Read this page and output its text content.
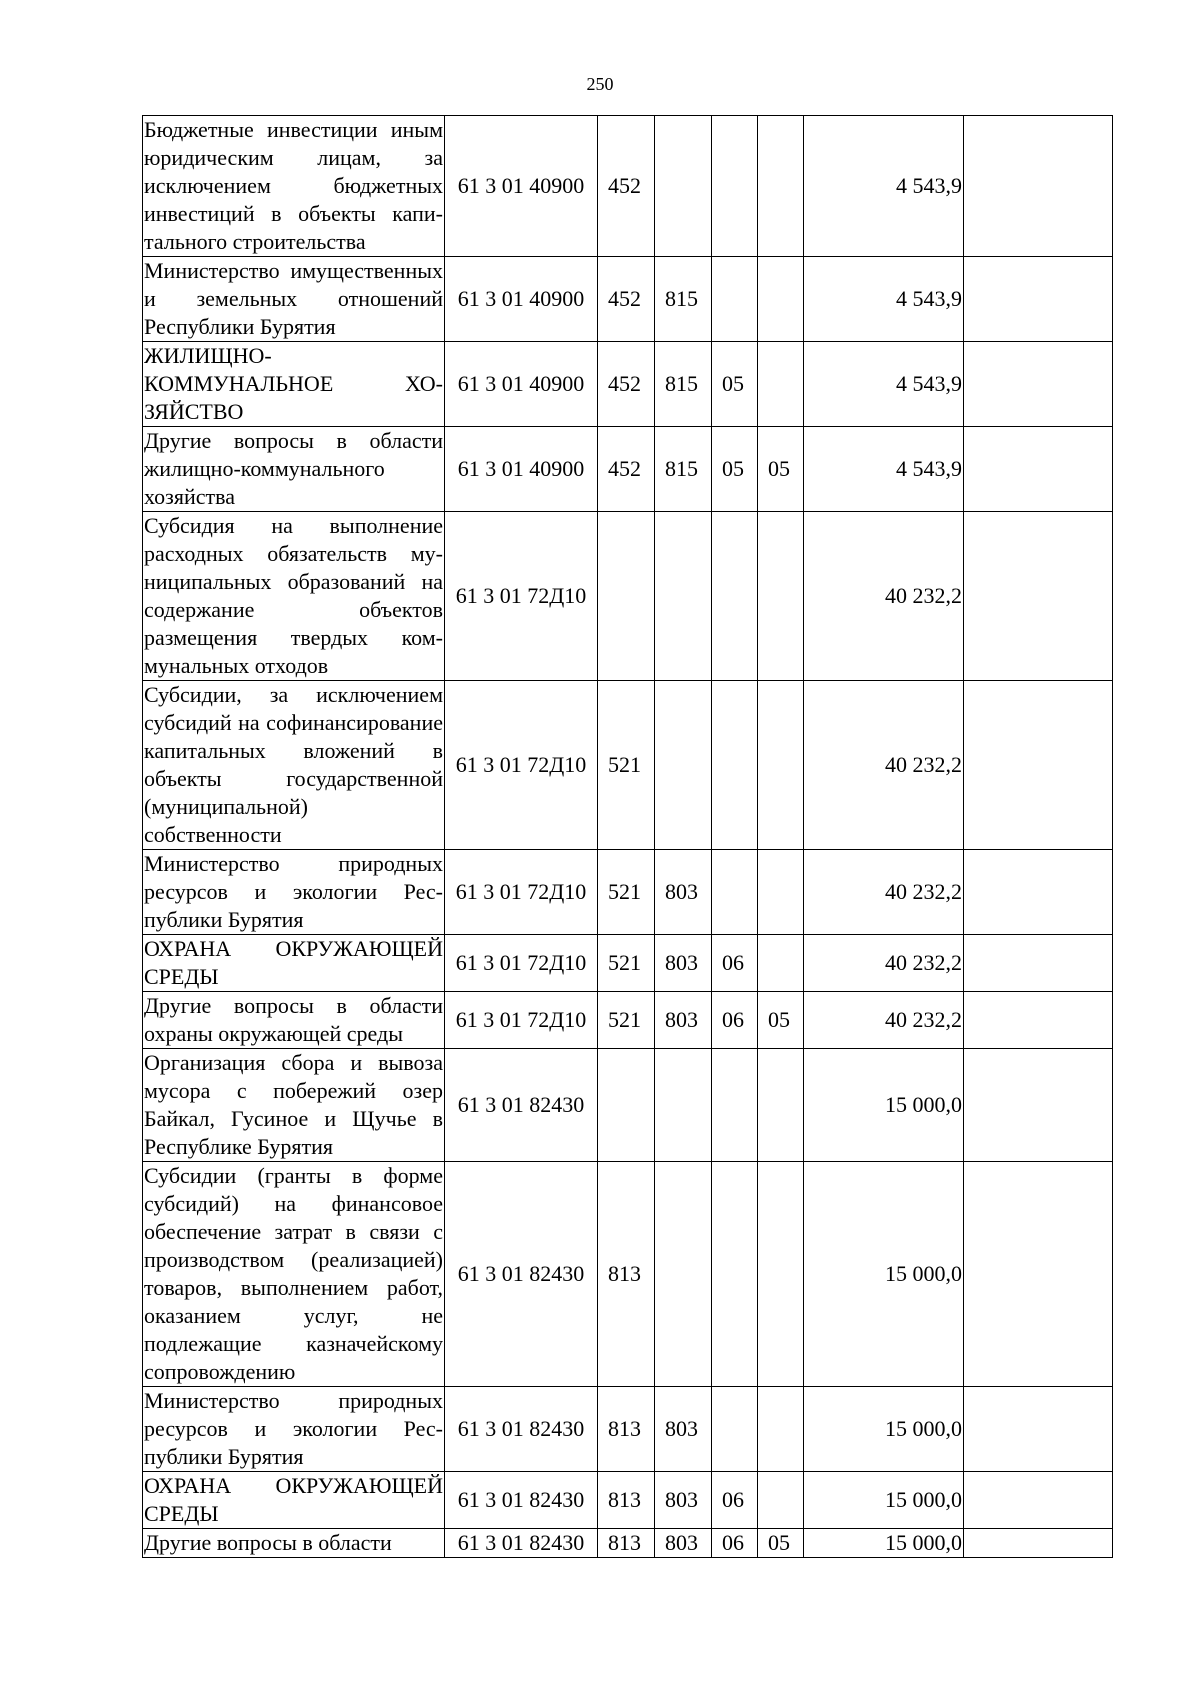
250
Бюджетные инвестиции иным юридическим лицам, за исключением бюджетных инвестиций в объекты капитального строительства	61 3 01 40900	452				4 543,9	
Министерство имущественных и земельных отношений Республики Бурятия	61 3 01 40900	452	815			4 543,9	
ЖИЛИЩНО-КОММУНАЛЬНОЕ ХОЗЯЙСТВО	61 3 01 40900	452	815	05		4 543,9	
Другие вопросы в области жилищно-коммунального хозяйства	61 3 01 40900	452	815	05	05	4 543,9	
Субсидия на выполнение расходных обязательств муниципальных образований на содержание объектов размещения твердых коммунальных отходов	61 3 01 72Д10					40 232,2	
Субсидии, за исключением субсидий на софинансирование капитальных вложений в объекты государственной (муниципальной) собственности	61 3 01 72Д10	521				40 232,2	
Министерство природных ресурсов и экологии Республики Бурятия	61 3 01 72Д10	521	803			40 232,2	
ОХРАНА ОКРУЖАЮЩЕЙ СРЕДЫ	61 3 01 72Д10	521	803	06		40 232,2	
Другие вопросы в области охраны окружающей среды	61 3 01 72Д10	521	803	06	05	40 232,2	
Организация сбора и вывоза мусора с побережий озер Байкал, Гусиное и Щучье в Республике Бурятия	61 3 01 82430					15 000,0	
Субсидии (гранты в форме субсидий) на финансовое обеспечение затрат в связи с производством (реализацией) товаров, выполнением работ, оказанием услуг, не подлежащие казначейскому сопровождению	61 3 01 82430	813				15 000,0	
Министерство природных ресурсов и экологии Республики Бурятия	61 3 01 82430	813	803			15 000,0	
ОХРАНА ОКРУЖАЮЩЕЙ СРЕДЫ	61 3 01 82430	813	803	06		15 000,0	
Другие вопросы в области	61 3 01 82430	813	803	06	05	15 000,0	
